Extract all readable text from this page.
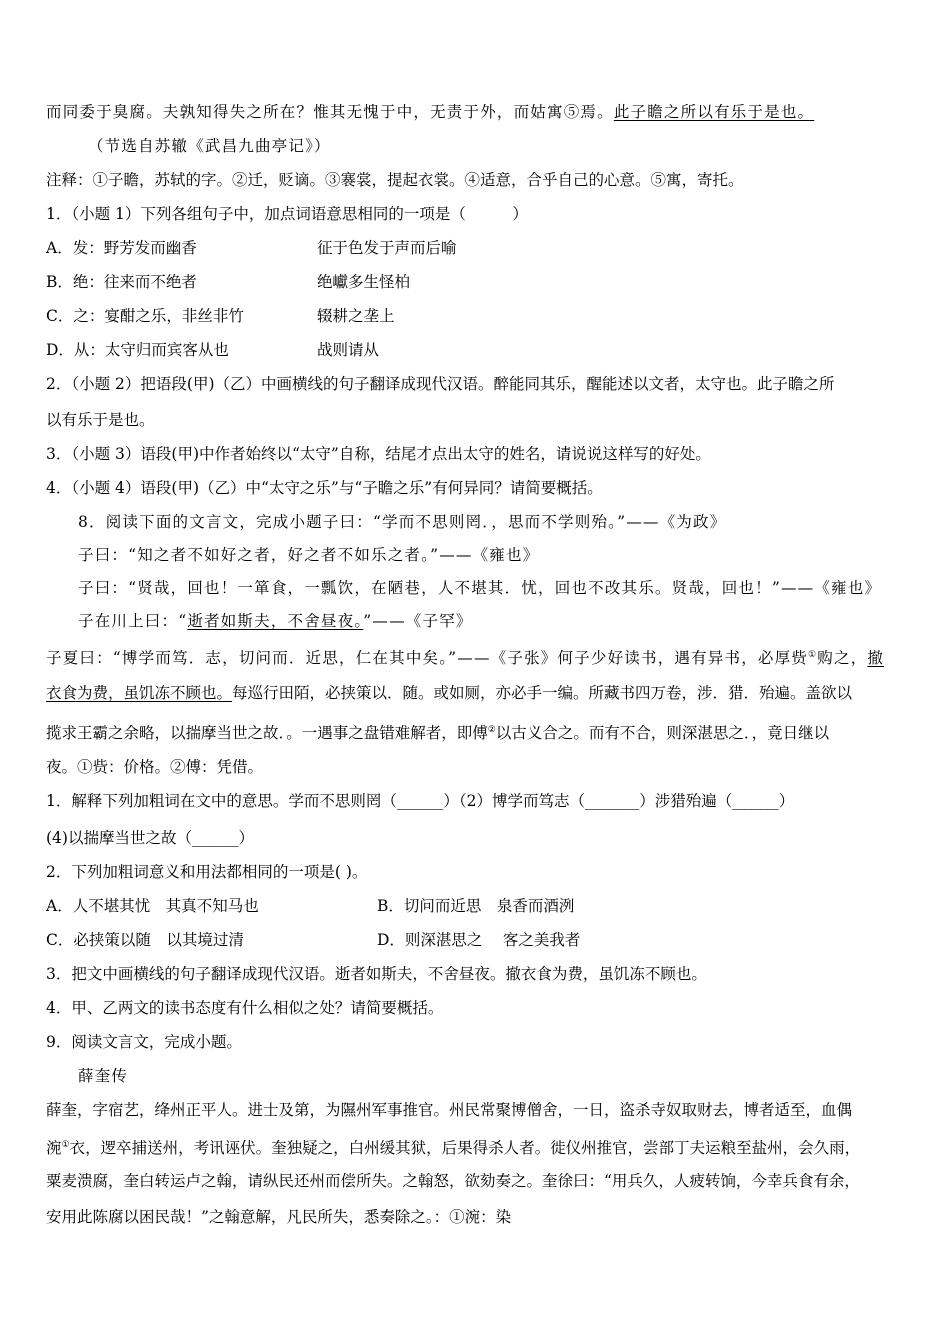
而同委于臭腐。夫孰知得失之所在？惟其无愧于中，无责于外，而姑寓⑤焉。此子瞻之所以有乐于是也。
（节选自苏辙《武昌九曲亭记》）
注释：①子瞻，苏轼的字。②迁，贬谪。③褰裳，提起衣裳。④适意，合乎自己的心意。⑤寓，寄托。
1．（小题 1）下列各组句子中，加点词语意思相同的一项是（　　　）
A．发：野芳发而幽香	征于色发于声而后喻
B．绝：往来而不绝者	绝巘多生怪柏
C．之：宴酣之乐，非丝非竹	辍耕之垄上
D．从：太守归而宾客从也	战则请从
2．（小题 2）把语段(甲)（乙）中画横线的句子翻译成现代汉语。醉能同其乐，醒能述以文者，太守也。此子瞻之所
以有乐于是也。
3．（小题 3）语段(甲)中作者始终以“太守”自称，结尾才点出太守的姓名，请说说这样写的好处。
4．（小题 4）语段(甲)（乙）中“太守之乐”与“子瞻之乐”有何异同？请简要概括。
8．阅读下面的文言文，完成小题子曰：“学而不思则罔．，思而不学则殆。”——《为政》
子曰：“知之者不如好之者，好之者不如乐之者。”——《雍也》
子曰：“贤哉，回也！一箪食，一瓢饮，在陋巷，人不堪其．忧，回也不改其乐。贤哉，回也！”——《雍也》
子在川上曰：“逝者如斯夫，不舍昼夜。”——《子罕》
子夏曰：“博学而笃．志，切问而．近思，仁在其中矣。”——《子张》何子少好读书，遇有异书，必厚赀①购之，撤
衣食为费，虽饥冻不顾也。每巡行田陌，必挟策以．随。或如厕，亦必手一编。所藏书四万卷，涉．猎．殆遍。盖欲以
揽求王霸之余略，以揣摩当世之故．。一遇事之盘错难解者，即傅②以古义合之。而有不合，则深湛思之．，竟日继以
夜。①赀：价格。②傅：凭借。
1．解释下列加粗词在文中的意思。学而不思则罔（______）（2）博学而笃志（_______）涉猎殆遍（______）
(4)以揣摩当世之故（______）
2．下列加粗词意义和用法都相同的一项是( )。
A．人不堪其忧　其真不知马也	B．切问而近思　泉香而酒洌
C．必挟策以随　以其境过清	D．则深湛思之　 客之美我者
3．把文中画横线的句子翻译成现代汉语。逝者如斯夫，不舍昼夜。撤衣食为费，虽饥冻不顾也。
4．甲、乙两文的读书态度有什么相似之处？请简要概括。
9．阅读文言文，完成小题。
薛奎传
薛奎，字宿艺，绛州正平人。进士及第，为隰州军事推官。州民常聚博僧舍，一日，盗杀寺奴取财去，博者适至，血偶
涴①衣，逻卒捕送州，考讯诬伏。奎独疑之，白州缓其狱，后果得杀人者。徙仪州推官，尝部丁夫运粮至盐州，会久雨，
粟麦溃腐，奎白转运卢之翰，请纵民还州而偿所失。之翰怒，欲劾奏之。奎徐曰：“用兵久，人疲转饷，今幸兵食有余，
安用此陈腐以困民哉！”之翰意解，凡民所失，悉奏除之。：①涴：染
